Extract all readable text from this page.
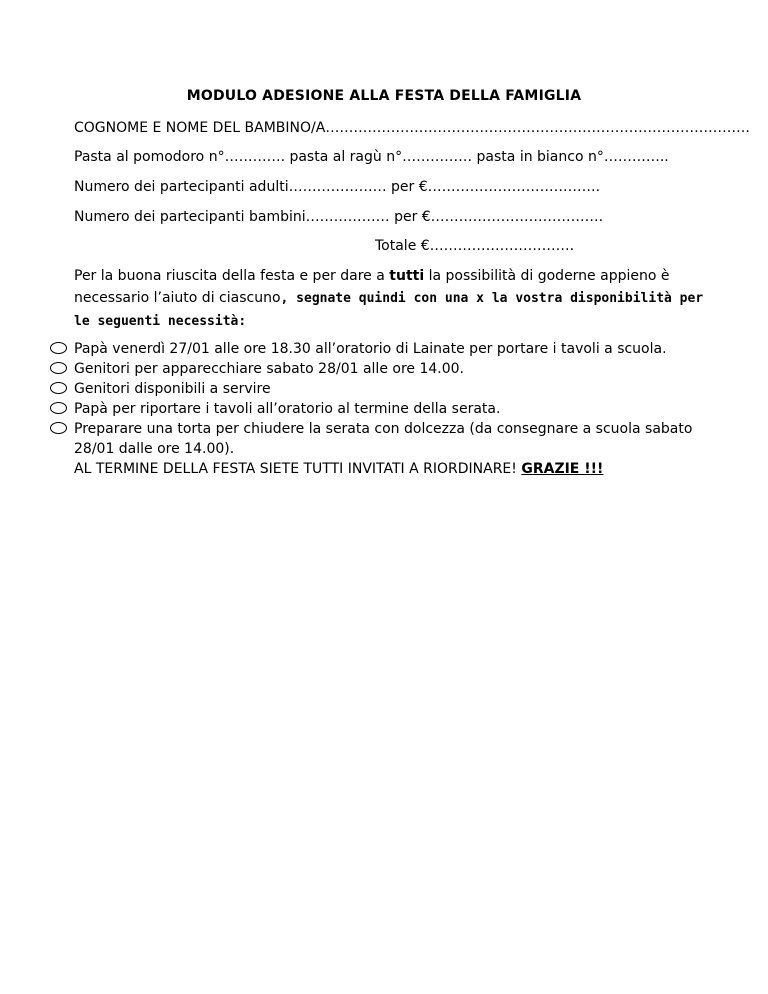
MODULO ADESIONE ALLA FESTA DELLA FAMIGLIA
COGNOME E NOME DEL BAMBINO/A……………………………………………………………………………….
Pasta al pomodoro n°…………. pasta al ragù n°…………… pasta in bianco n°…………..
Numero dei partecipanti adulti………………… per €……………………………….
Numero dei partecipanti bambini……………… per €……………………………….
Totale €………………………….
Per la buona riuscita della festa e per dare a tutti la possibilità di goderne appieno è necessario l’aiuto di ciascuno, segnate quindi con una x la vostra disponibilità per le seguenti necessità:
Papà venerdì 27/01 alle ore 18.30 all’oratorio di Lainate per portare i tavoli a scuola.
Genitori per apparecchiare sabato 28/01 alle ore 14.00.
Genitori disponibili a servire
Papà per riportare i tavoli all’oratorio al termine della serata.
Preparare una torta per chiudere la serata con dolcezza (da consegnare a scuola sabato 28/01 dalle ore 14.00).
AL TERMINE DELLA FESTA SIETE TUTTI INVITATI A RIORDINARE! GRAZIE !!!
